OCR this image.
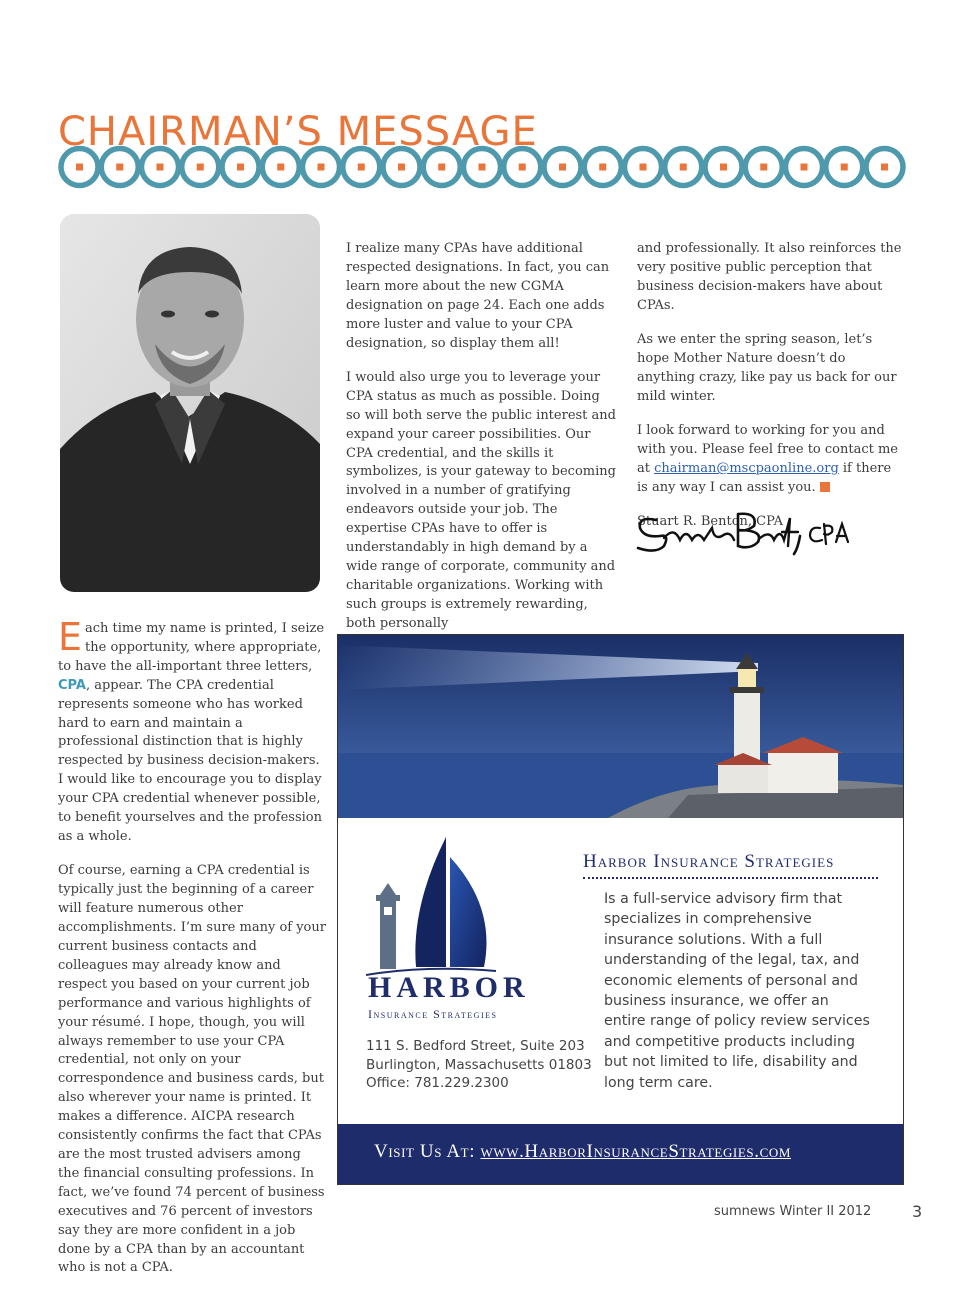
CHAIRMAN’S MESSAGE

I realize many CPAs have additional respected designations. In fact, you can learn more about the new CGMA designation on page 24. Each one adds more luster and value to your CPA designation, so display them all!

I would also urge you to leverage your CPA status as much as possible. Doing so will both serve the public interest and expand your career possibilities. Our CPA credential, and the skills it symbolizes, is your gateway to becoming involved in a number of gratifying endeavors outside your job. The expertise CPAs have to offer is understandably in high demand by a wide range of corporate, community and charitable organizations. Working with such groups is extremely rewarding, both personally

and professionally. It also reinforces the very positive public perception that business decision-makers have about CPAs.

As we enter the spring season, let’s hope Mother Nature doesn’t do anything crazy, like pay us back for our mild winter.

I look forward to working for you and with you. Please feel free to contact me at chairman@mscpaonline.org if there is any way I can assist you.

Stuart R. Benton, CPA

Each time my name is printed, I seize the opportunity, where appropriate, to have the all-important three letters, CPA, appear. The CPA credential represents someone who has worked hard to earn and maintain a professional distinction that is highly respected by business decision-makers. I would like to encourage you to display your CPA credential whenever possible, to benefit yourselves and the profession as a whole.

Of course, earning a CPA credential is typically just the beginning of a career will feature numerous other accomplishments. I’m sure many of your current business contacts and colleagues may already know and respect you based on your current job performance and various highlights of your résumé. I hope, though, you will always remember to use your CPA credential, not only on your correspondence and business cards, but also wherever your name is printed. It makes a difference. AICPA research consistently confirms the fact that CPAs are the most trusted advisers among the financial consulting professions. In fact, we’ve found 74 percent of business executives and 76 percent of investors say they are more confident in a job done by a CPA than by an accountant who is not a CPA.

Harbor Insurance Strategies
Is a full-service advisory firm that specializes in comprehensive insurance solutions. With a full understanding of the legal, tax, and economic elements of personal and business insurance, we offer an entire range of policy review services and competitive products including but not limited to life, disability and long term care.
HARBOR
Insurance Strategies
111 S. Bedford Street, Suite 203
Burlington, Massachusetts 01803
Office: 781.229.2300
Visit Us At: www.HarborInsuranceStrategies.com
sumnews Winter II 2012	3
